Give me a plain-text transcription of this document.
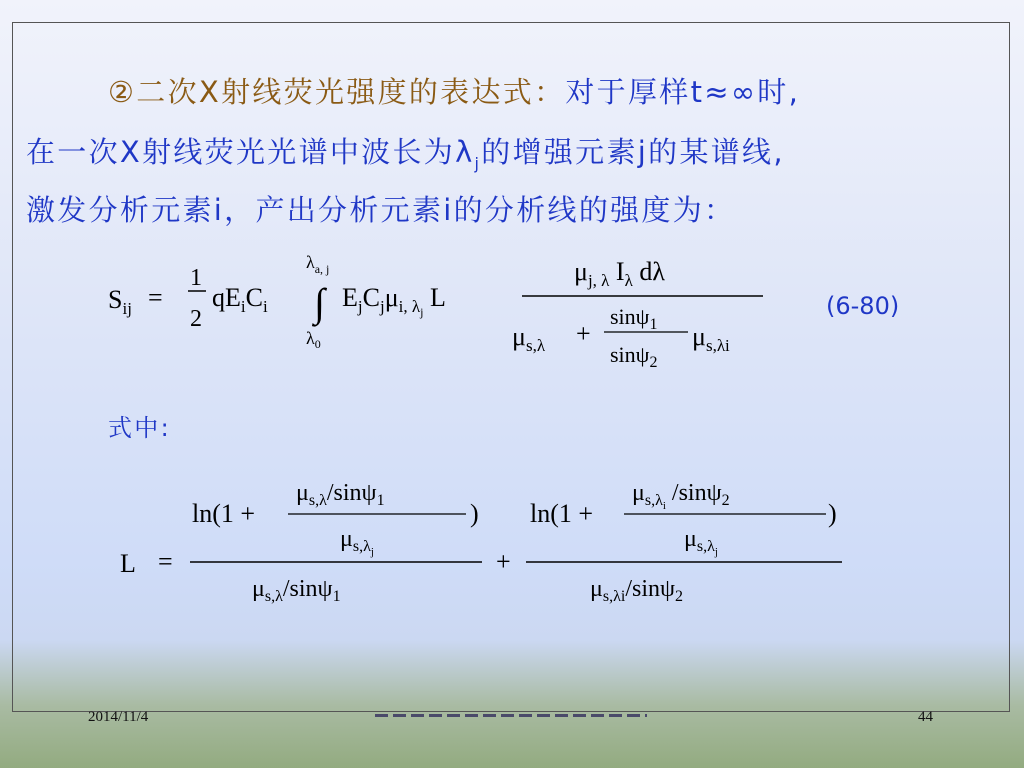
②二次X射线荧光强度的表达式：对于厚样t≈∞时,
在一次X射线荧光光谱中波长为$\lambda_j$的增强元素j的某谱线,
激发分析元素i，产出分析元素i的分析线的强度为：
$S_{ij}$ =
1
2
$qE_iC_i$
$\lambda_{a, j}$
∫
$\lambda_0$
$E_jC_j\mu_{i, \lambda}j$ L
$\mu_{j, \lambda}$ $I_\lambda$ dλ
$\mu_{s,\lambda}$ +
sinψ$_1$
sinψ$_2$
$\mu_{s,\lambda i}$
(6-80)
式中:
L =
ln(1 +
$\mu_{s,\lambda}/\sin\psi_1$
$\mu_{s,\lambda}j$
)
$\mu_{s,\lambda}/\sin\psi_1$
+
ln(1 +
$\mu_{s,\lambda}i$ /sinψ$_2$
$\mu_{s,\lambda}j$
)
$\mu_{s,\lambda i}/\sin\psi_2$
2014/11/4	44
